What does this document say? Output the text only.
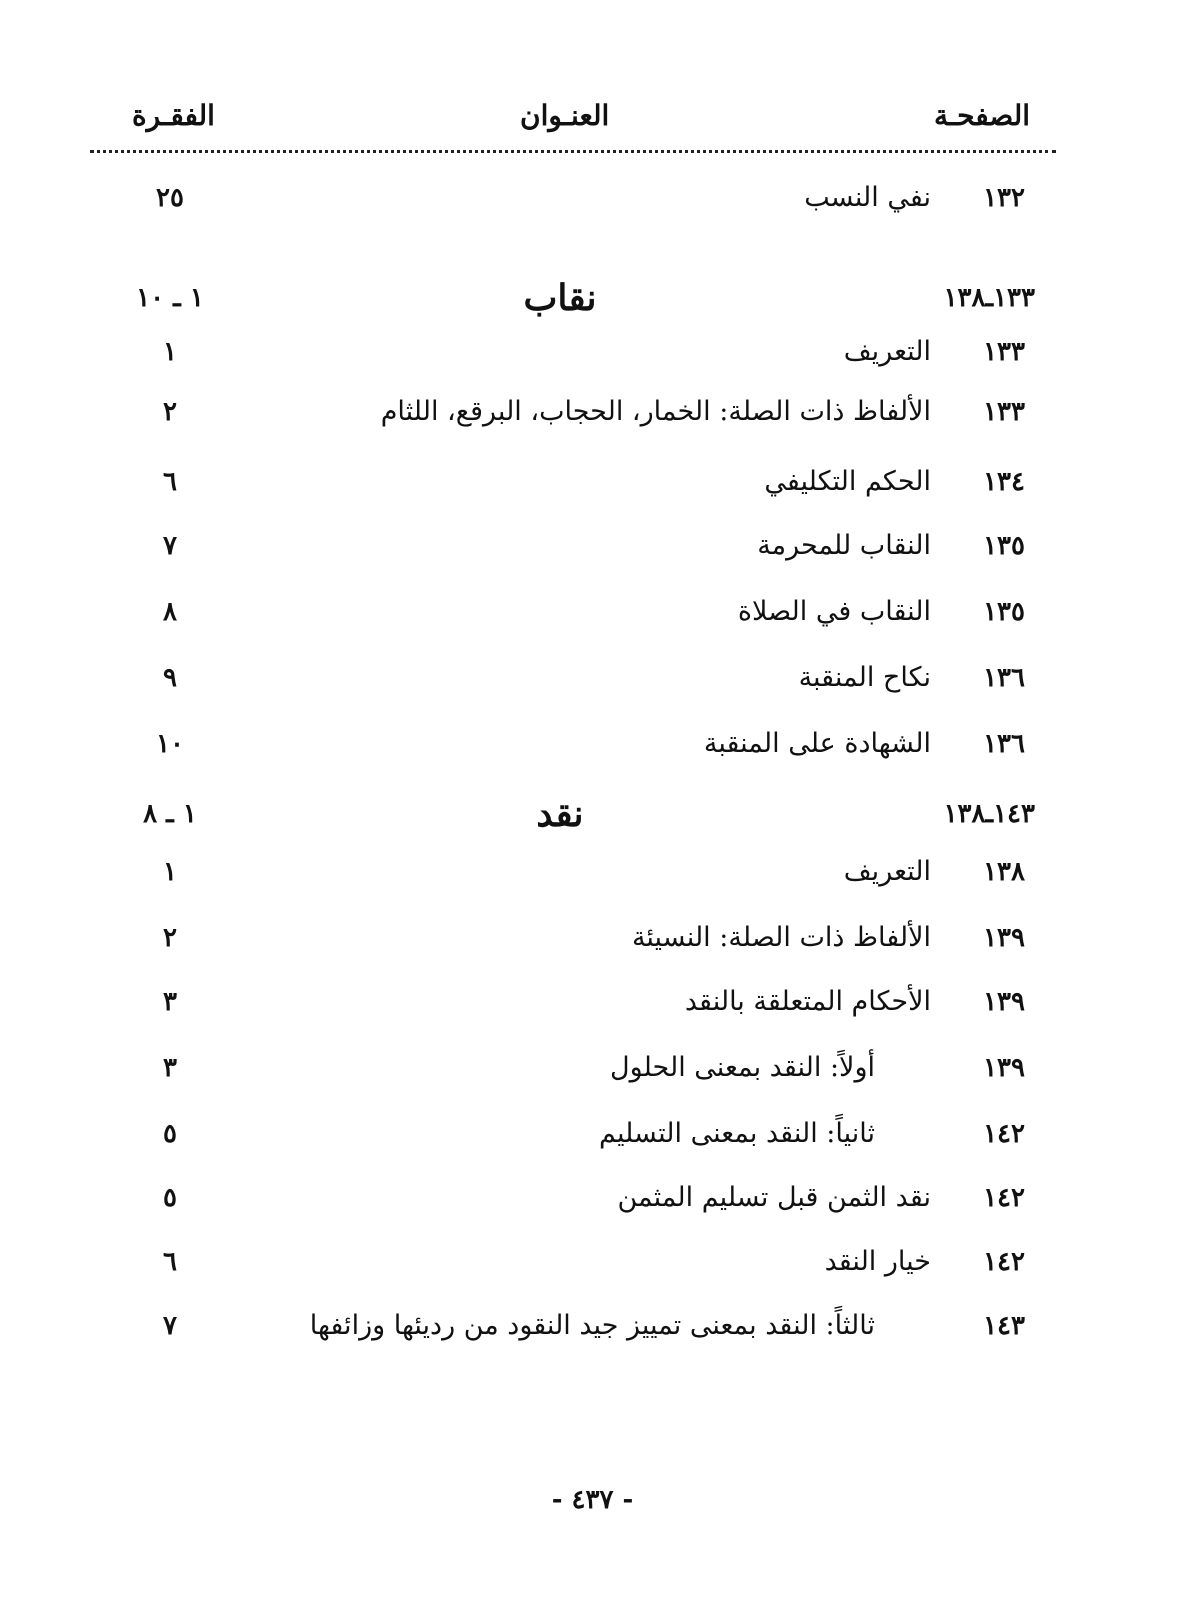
الصفحـة
العنـوان
الفقـرة
١٣٢
نفي النسب
٢٥
١٣٣ـ١٣٨
نقاب
١ ـ ١٠
١٣٣
التعريف
١
١٣٣
الألفاظ ذات الصلة: الخمار، الحجاب، البرقع، اللثام
٢
١٣٤
الحكم التكليفي
٦
١٣٥
النقاب للمحرمة
٧
١٣٥
النقاب في الصلاة
٨
١٣٦
نكاح المنقبة
٩
١٣٦
الشهادة على المنقبة
١٠
١٤٣ـ١٣٨
نقد
١ ـ ٨
١٣٨
التعريف
١
١٣٩
الألفاظ ذات الصلة: النسيئة
٢
١٣٩
الأحكام المتعلقة بالنقد
٣
١٣٩
أولاً: النقد بمعنى الحلول
٣
١٤٢
ثانياً: النقد بمعنى التسليم
٥
١٤٢
نقد الثمن قبل تسليم المثمن
٥
١٤٢
خيار النقد
٦
١٤٣
ثالثاً: النقد بمعنى تمييز جيد النقود من رديئها وزائفها
٧
- ٤٣٧ -
